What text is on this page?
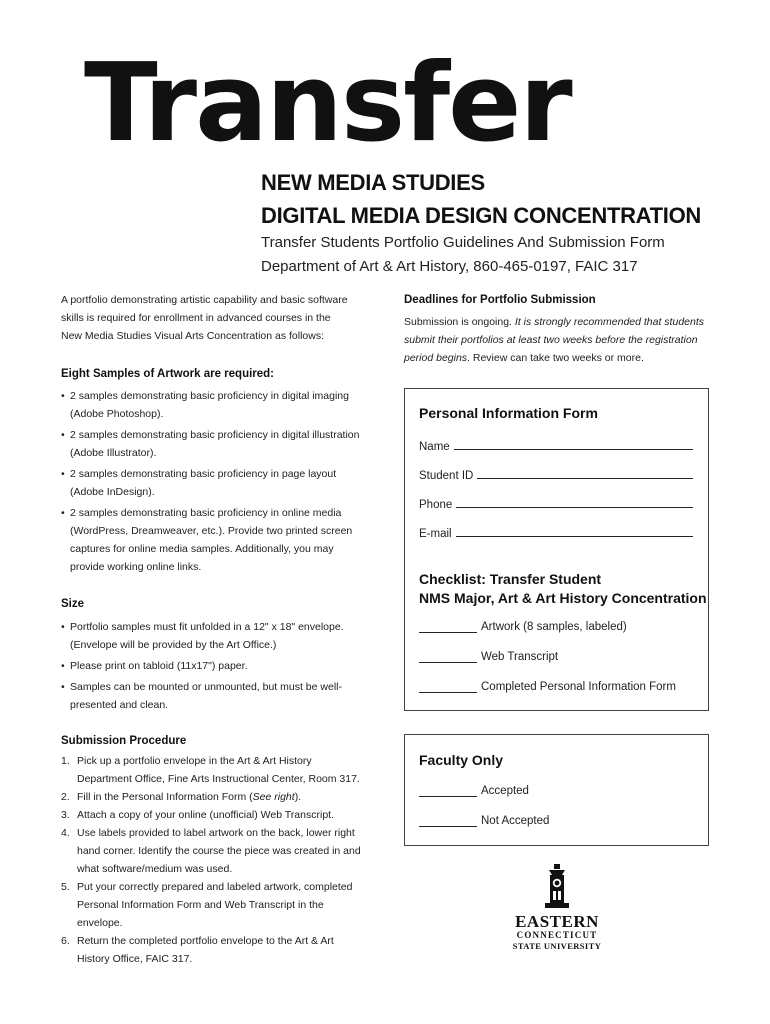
Transfer
NEW MEDIA STUDIES
DIGITAL MEDIA DESIGN CONCENTRATION
Transfer Students Portfolio Guidelines And Submission Form
Department of Art & Art History, 860-465-0197, FAIC 317
A portfolio demonstrating artistic capability and basic software
skills is required for enrollment in advanced courses in the
New Media Studies Visual Arts Concentration as follows:
Eight Samples of Artwork are required:
• 2 samples demonstrating basic proficiency in digital imaging (Adobe Photoshop).
• 2 samples demonstrating basic proficiency in digital illustration (Adobe Illustrator).
• 2 samples demonstrating basic proficiency in page layout (Adobe InDesign).
• 2 samples demonstrating basic proficiency in online media (WordPress, Dreamweaver, etc.). Provide two printed screen captures for online media samples. Additionally, you may provide working online links.
Size
• Portfolio samples must fit unfolded in a 12" x 18" envelope. (Envelope will be provided by the Art Office.)
• Please print on tabloid (11x17") paper.
• Samples can be mounted or unmounted, but must be well-presented and clean.
Submission Procedure
1. Pick up a portfolio envelope in the Art & Art History Department Office, Fine Arts Instructional Center, Room 317.
2. Fill in the Personal Information Form (See right).
3. Attach a copy of your online (unofficial) Web Transcript.
4. Use labels provided to label artwork on the back, lower right hand corner. Identify the course the piece was created in and what software/medium was used.
5. Put your correctly prepared and labeled artwork, completed Personal Information Form and Web Transcript in the envelope.
6. Return the completed portfolio envelope to the Art & Art History Office, FAIC 317.
Deadlines for Portfolio Submission
Submission is ongoing. It is strongly recommended that students submit their portfolios at least two weeks before the registration period begins. Review can take two weeks or more.
Personal Information Form
Name
Student ID
Phone
E-mail
Checklist: Transfer Student
NMS Major, Art & Art History Concentration
Artwork (8 samples, labeled)
Web Transcript
Completed Personal Information Form
Faculty Only
Accepted
Not Accepted
EASTERN
CONNECTICUT
STATE UNIVERSITY
